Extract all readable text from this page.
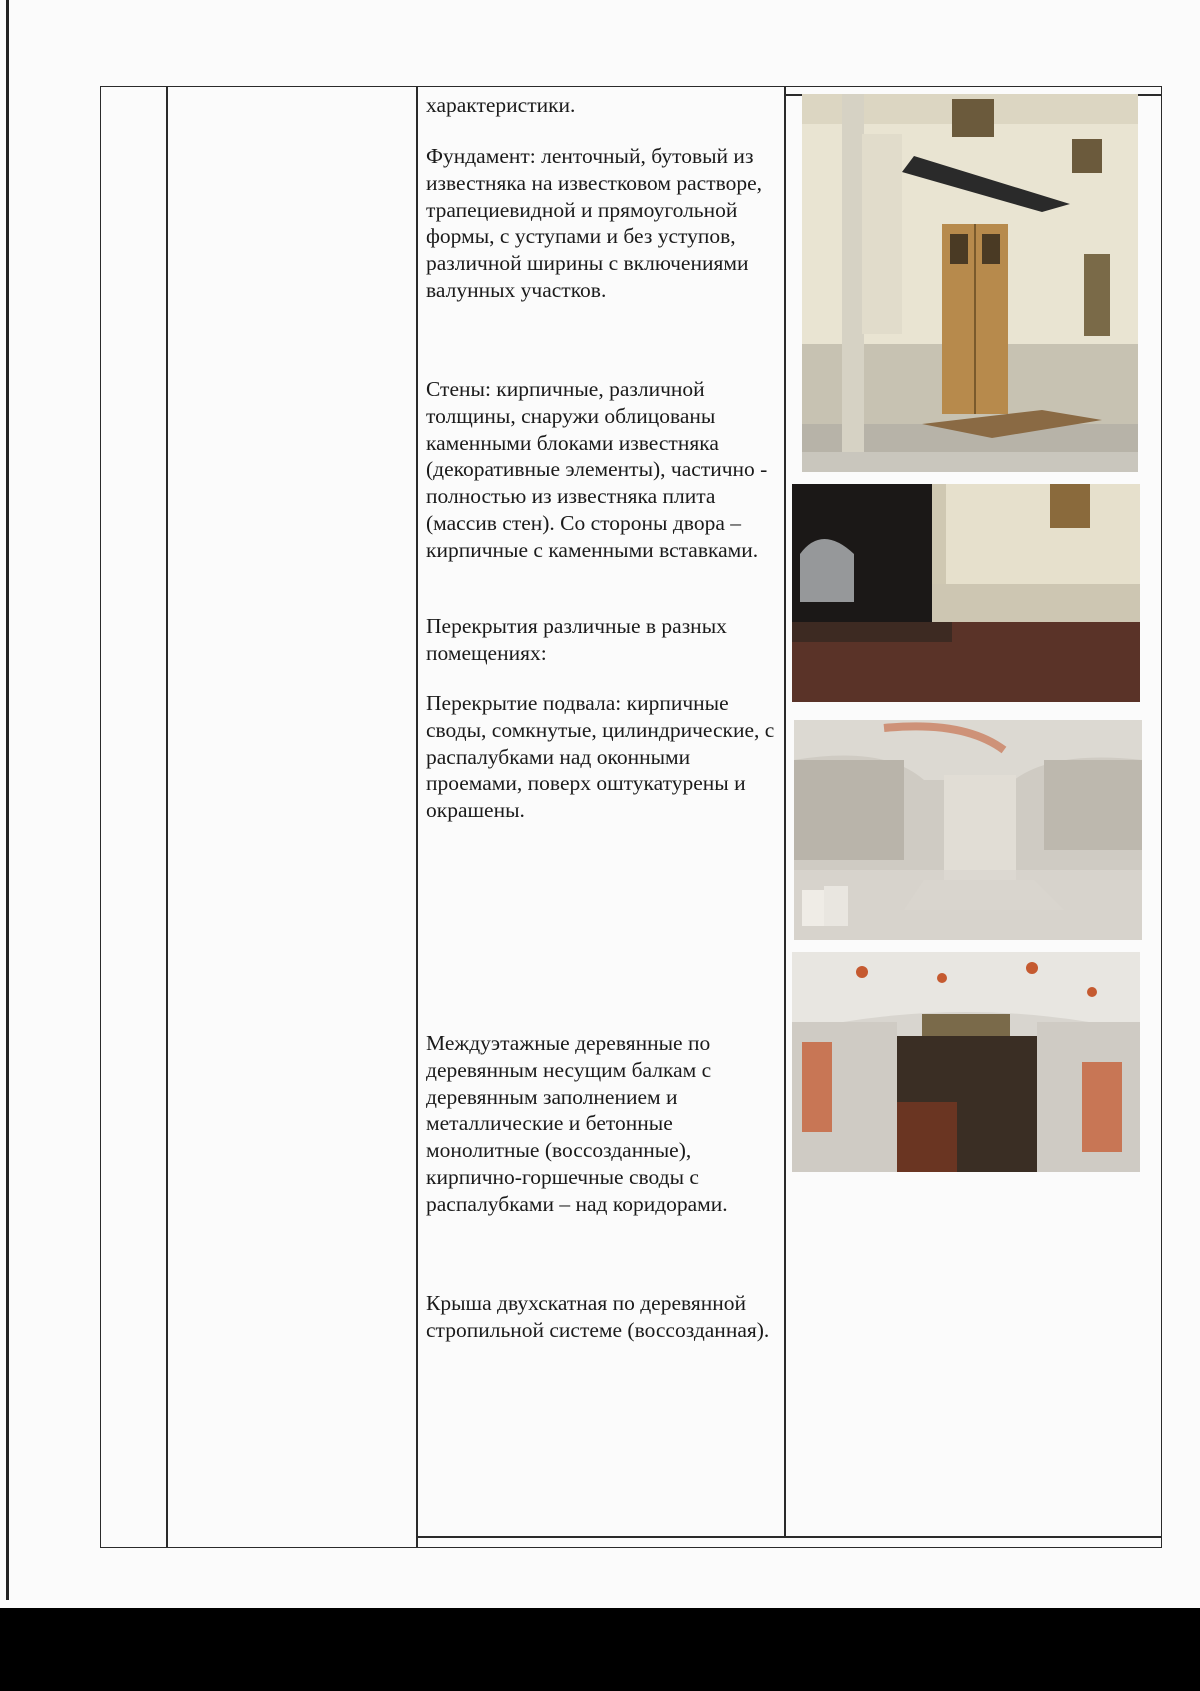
характеристики.

Фундамент: ленточный, бутовый из известняка на известковом растворе, трапециевидной и прямоугольной формы, с уступами и без уступов, различной ширины с включениями валунных участков.

Стены: кирпичные, различной толщины, снаружи облицованы каменными блоками известняка (декоративные элементы), частично - полностью из известняка плита (массив стен). Со стороны двора – кирпичные с каменными вставками.

Перекрытия различные в разных помещениях:

Перекрытие подвала: кирпичные своды, сомкнутые, цилиндрические, с распалубками над оконными проемами, поверх оштукатурены и окрашены.

Междуэтажные деревянные по деревянным несущим балкам с деревянным заполнением и металлические и бетонные монолитные (воссозданные), кирпично-горшечные своды с распалубками – над коридорами.

Крыша двухскатная по деревянной стропильной системе (воссозданная).
